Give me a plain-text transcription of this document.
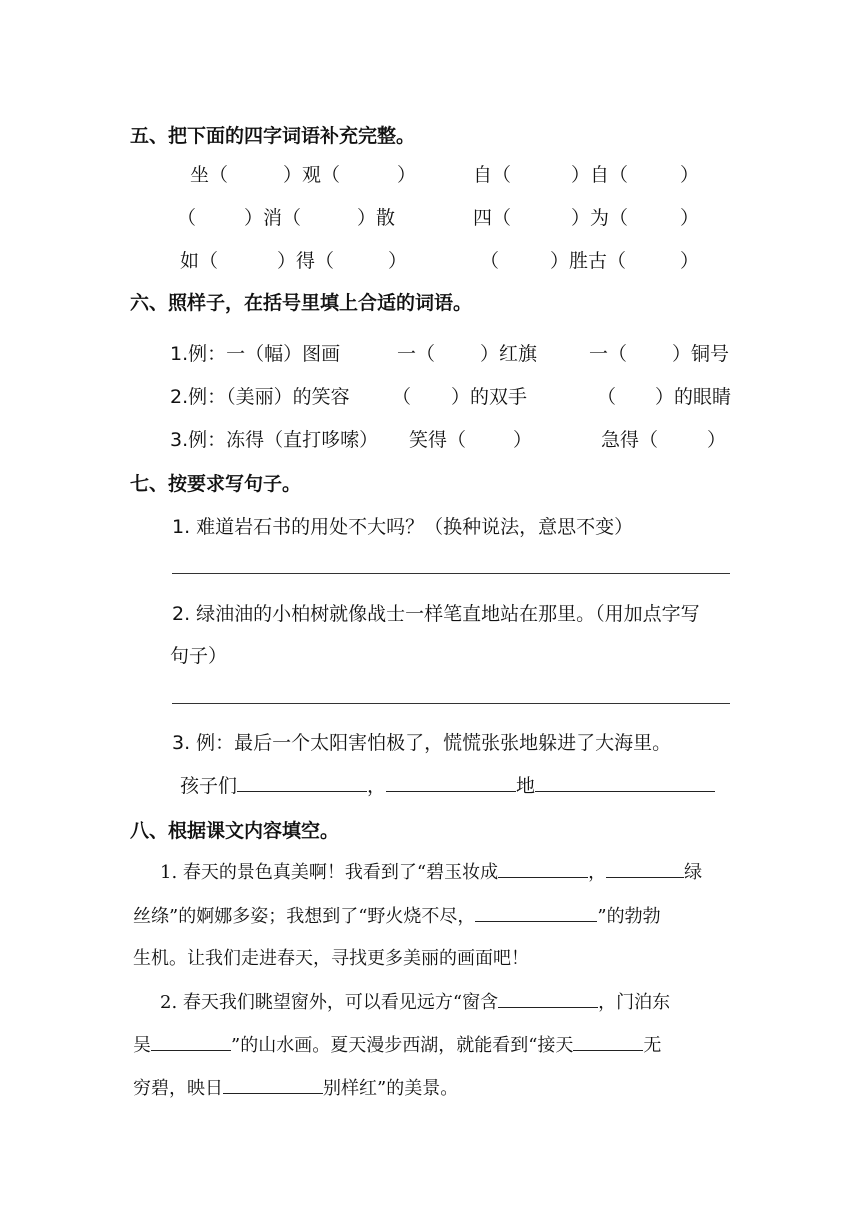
五、把下面的四字词语补充完整。
坐（	）观（	）	自（	）自（	）
（	）消（	）散	四（	）为（	）
如（	）得（	）	（	）胜古（	）
六、照样子，在括号里填上合适的词语。
1.例：一（幅）图画	一（ ）红旗	一（ ）铜号
2.例：（美丽）的笑容 （ ）的双手	（ ）的眼睛
3.例：冻得（直打哆嗦） 笑得（ ）	急得（	）
七、按要求写句子。
1. 难道岩石书的用处不大吗？（换种说法，意思不变）
2. 绿油油的小柏树就像战士一样笔直地站在那里。（用加点字写
句子）
3. 例：最后一个太阳害怕极了，慌慌张张地躲进了大海里。
孩子们	，	地
八、根据课文内容填空。
1. 春天的景色真美啊！我看到了“碧玉妆成	，	绿
丝绦”的婀娜多姿；我想到了“野火烧不尽，	”的勃勃
生机。让我们走进春天，寻找更多美丽的画面吧！
2. 春天我们眺望窗外，可以看见远方“窗含	，门泊东
吴	”的山水画。夏天漫步西湖，就能看到“接天	无
穷碧，映日	别样红”的美景。
